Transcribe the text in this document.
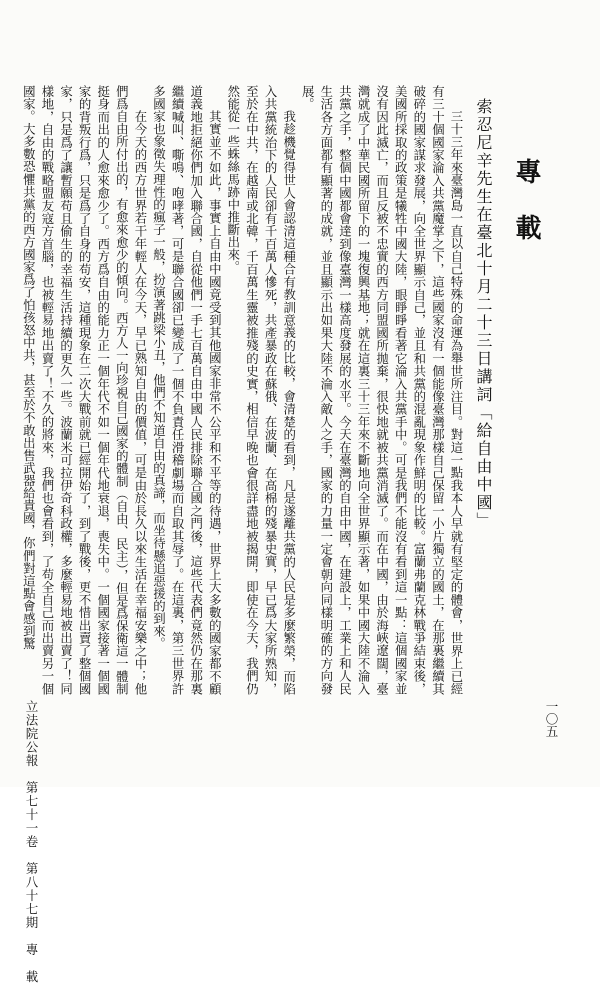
專載
索忍尼辛先生在臺北十月二十三日講詞「給自由中國」

三十三年來臺灣島一直以自己特殊的命運為舉世所注目。對這一點我本人早就有堅定的體會，世界上已經有三十個國家淪入共黨魔掌之下，這些國家沒有一個能像臺灣那樣自己保留一小片獨立的國土，在那裏繼續其破碎的國家謀求發展，向全世界顯示自己，並且和共黨的混亂現象作鮮明的比較。富蘭弗蘭克林戰爭結束後，美國所採取的政策是犧牲中國大陸，眼睜睜看著它淪入共黨手中。可是我們不能沒有看到這一點：這個國家並沒有因此滅亡，而且反被不忠實的西方同盟國所拋棄，很快地就被共黨消滅了。而在中國，由於海峽遼闊，臺灣就成了中華民國所留下的一塊復興基地；就在這裏三十三年來不斷地向全世界顯示著，如果中國大陸不淪入共黨之手，整個中國都會達到像臺灣一樣高度發展的水平。今天在臺灣的自由中國，在建設上，工業上和人民生活各方面都有顯著的成就，並且顯示出如果大陸不淪入敵人之手，國家的力量一定會朝向同樣明確的方向發展。

我趁機覺得世人會認清這種合有教訓意義的比較，會清楚的看到，凡是遂離共黨的人民是多麼繁榮，而陷入共黨統治下的人民卻有千百萬人慘死，共產暴政在蘇俄、在波蘭、在高棉的殘暴史實，早已爲大家所熟知，至於在中共，在越南或北韓，千百萬生靈被推殘的史實，相信早晚也會很詳盡地被揭開，即使在今天，我們仍然能從一些蛛絲馬跡中推斷出來。

其實並不如此，事實上自由中國竟受到其他國家非常不公平和不平等的待遇，世界上大多數的國家都不顧道義地拒絕你們加入聯合國，自從他們一手七百萬自由中國人民排除聯合國之門後，這些代表們竟然仍在那裏繼續喊叫、嘶鳴、咆哮著，可是聯合國卻已變成了一個不負責任滑稽劇場而自取其辱了。在這裏，第三世界許多國家也象徵失理性的瘋子一般，扮演著跳梁小丑，他們不知道自由的真諦，而坐待懸追惡援的到來。

在今天的西方世界若干年輕人在今天，早已熟知自由的價值，可是由於長久以來生活在幸福安樂之中；他們爲自由所付出的，有愈來愈少的傾向。西方人一向珍視自己國家的體制（自由、民主），但是爲保衛這一體制挺身而出的人愈來愈少了。西方爲自由的能力正一個年代不如一個年代地衰退，喪失中。一個國家接著一個國家的背叛行爲，只是爲了自身的苟安，這種現象在二次大戰前就已經開始了，到了戰後，更不惜出賣了整個國家，只是爲了讓暫願苟且偷生的幸福生活持續的更久一些。波蘭米可拉伊奇科政權，多麼輕易地被出賣了！同樣地，自由的戰略盟友寇方首腦，也被輕易地出賣了！不久的將來，我們也會看到，了苟全自己而出賣另一個國家。大多數恐懼共黨的西方國家爲了怕孩怒中共，甚至於不敢出售武器給貴國，你們對這點會感到驚

立法院公報　第七十一卷　第八十七期　專　載	一〇五
